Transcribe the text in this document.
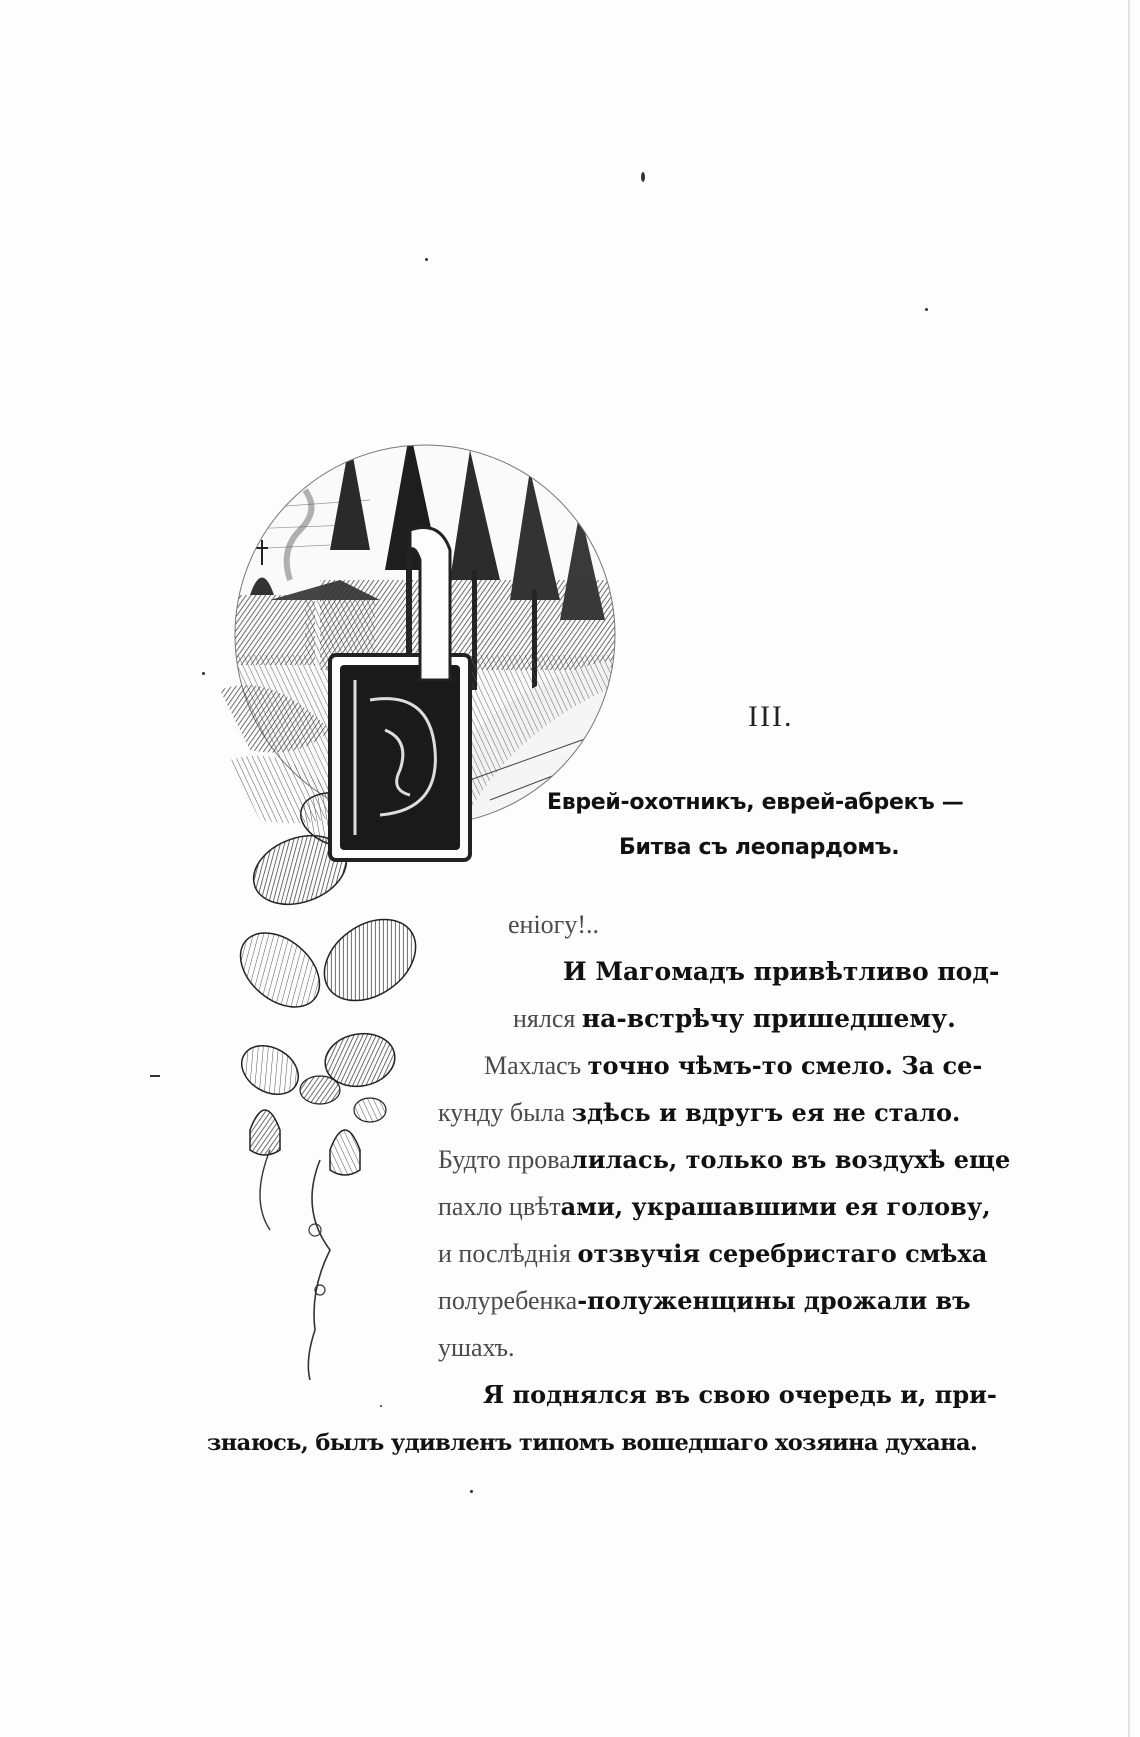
III.
Еврей-охотникъ, еврей-абрекъ —
Битва съ леопардомъ.
еніогу!..
И Магомадъ привѣтливо под-
нялся на-встрѣчу пришедшему.
Махласъ точно чѣмъ-то смело. За се-
кунду была здѣсь и вдругъ ея не стало.
Будто провалилась, только въ воздухѣ еще
пахло цвѣтами, украшавшими ея голову,
и послѣднія отзвучія серебристаго смѣха
полуребенка-полуженщины дрожали въ
ушахъ.
Я поднялся въ свою очередь и, при-
знаюсь, былъ удивленъ типомъ вошедшаго хозяина духана.
